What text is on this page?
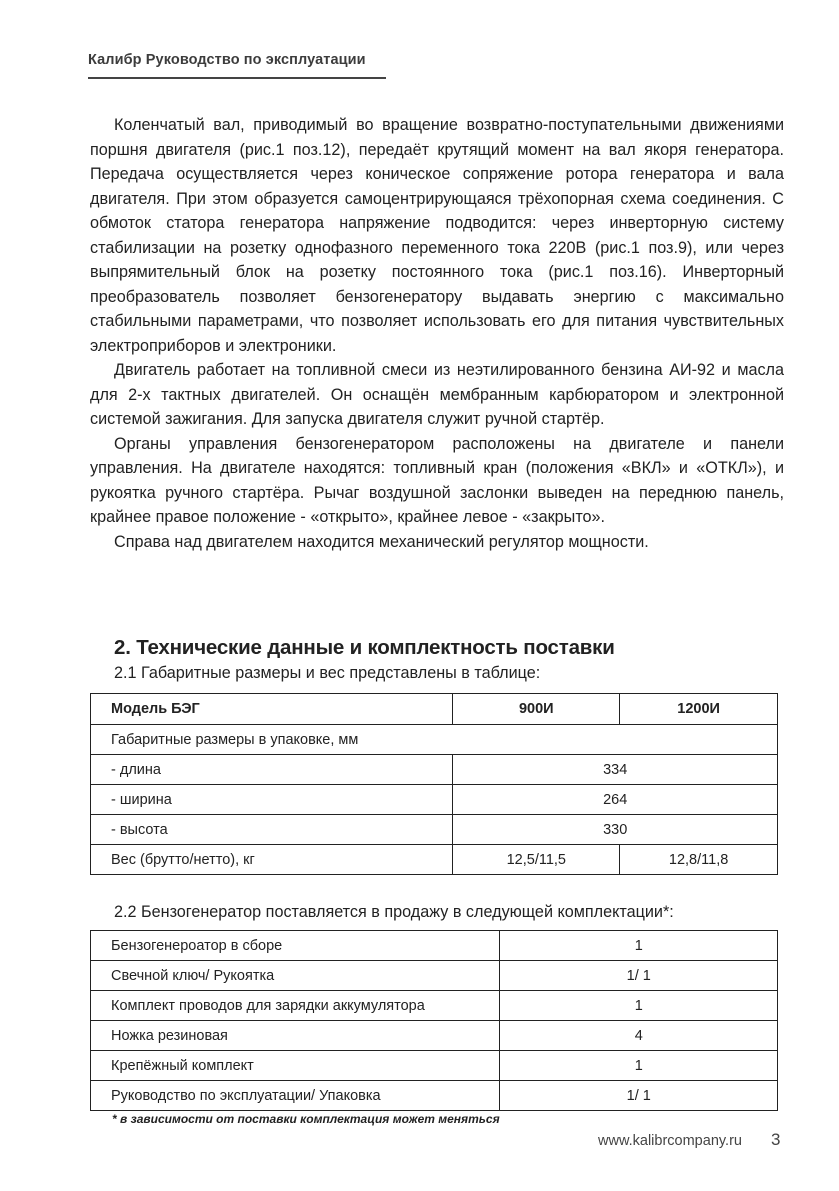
Калибр Руководство по эксплуатации

Коленчатый вал, приводимый во вращение возвратно-поступательными движениями поршня двигателя (рис.1 поз.12), передаёт крутящий момент на вал якоря генератора. Передача осуществляется через коническое сопряжение ротора генератора и вала двигателя. При этом образуется самоцентрирующаяся трёхопорная схема соединения. С обмоток статора генератора напряжение подводится: через инверторную систему стабилизации на розетку однофазного переменного тока 220В (рис.1 поз.9), или через выпрямительный блок на розетку постоянного тока (рис.1 поз.16). Инверторный преобразователь позволяет бензогенератору выдавать энергию с максимально стабильными параметрами, что позволяет использовать его для питания чувствительных электроприборов и электроники.

Двигатель работает на топливной смеси из неэтилированного бензина АИ-92 и масла для 2-х тактных двигателей. Он оснащён мембранным карбюратором и электронной системой зажигания. Для запуска двигателя служит ручной стартёр.

Органы управления бензогенератором расположены на двигателе и панели управления. На двигателе находятся: топливный кран (положения «ВКЛ» и «ОТКЛ»), и рукоятка ручного стартёра. Рычаг воздушной заслонки выведен на переднюю панель, крайнее правое положение - «открыто», крайнее левое - «закрыто».

Справа над двигателем находится механический регулятор мощности.

2. Технические данные и комплектность поставки
2.1 Габаритные размеры и вес представлены в таблице:
Модель БЭГ	900И	1200И
Габаритные размеры в упаковке, мм		
- длина	334	
- ширина	264	
- высота	330	
Вес (брутто/нетто), кг	12,5/11,5	12,8/11,8
2.2 Бензогенератор поставляется в продажу в следующей комплектации*:
Бензогенероатор в сборе	1
Свечной ключ/ Рукоятка	1/ 1
Комплект проводов для зарядки аккумулятора	1
Ножка резиновая	4
Крепёжный комплект	1
Руководство по эксплуатации/ Упаковка	1/ 1
* в зависимости от поставки комплектация может меняться
www.kalibrcompany.ru 3
